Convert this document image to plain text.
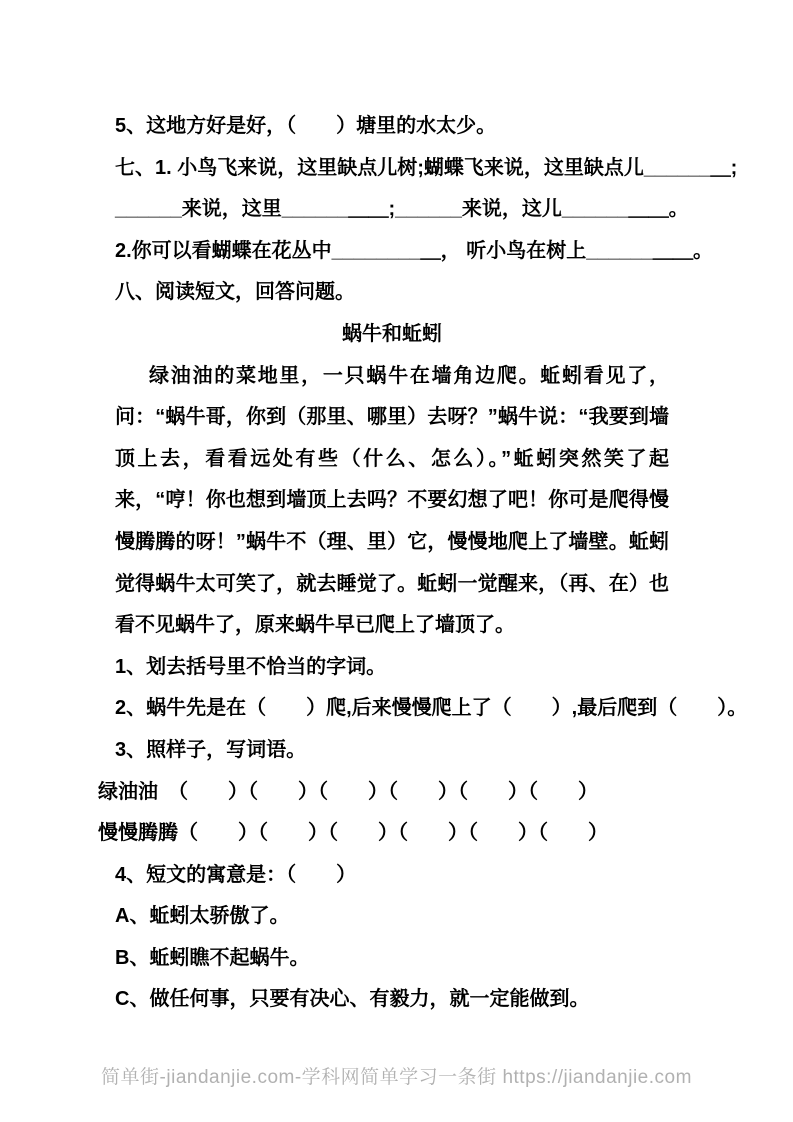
5、这地方好是好，（　　）塘里的水太少。
七、1. 小鸟飞来说，这里缺点儿树;蝴蝶飞来说，这里缺点儿______＿;
______来说，这里______＿＿;______来说，这儿______＿＿。
2.你可以看蝴蝶在花丛中________＿， 听小鸟在树上______＿＿。
八、阅读短文，回答问题。
蜗牛和蚯蚓
绿油油的菜地里，一只蜗牛在墙角边爬。蚯蚓看见了，问：“蜗牛哥，你到（那里、哪里）去呀？”蜗牛说：“我要到墙顶上去，看看远处有些（什么、怎么）。”蚯蚓突然笑了起来，“哼！你也想到墙顶上去吗？不要幻想了吧！你可是爬得慢慢腾腾的呀！”蜗牛不（理、里）它，慢慢地爬上了墙壁。蚯蚓觉得蜗牛太可笑了，就去睡觉了。蚯蚓一觉醒来，（再、在）也看不见蜗牛了，原来蜗牛早已爬上了墙顶了。
1、划去括号里不恰当的字词。
2、蜗牛先是在（　　）爬,后来慢慢爬上了（　　）,最后爬到（　　）。
3、照样子，写词语。
绿油油　（　　）（　　）（　　）（　　）（　　）（　　）
慢慢腾腾（　　）（　　）（　　）（　　）（　　）（　　）
4、短文的寓意是：（　　）
A、蚯蚓太骄傲了。
B、蚯蚓瞧不起蜗牛。
C、做任何事，只要有决心、有毅力，就一定能做到。
简单街-jiandanjie.com-学科网简单学习一条街 https://jiandanjie.com
